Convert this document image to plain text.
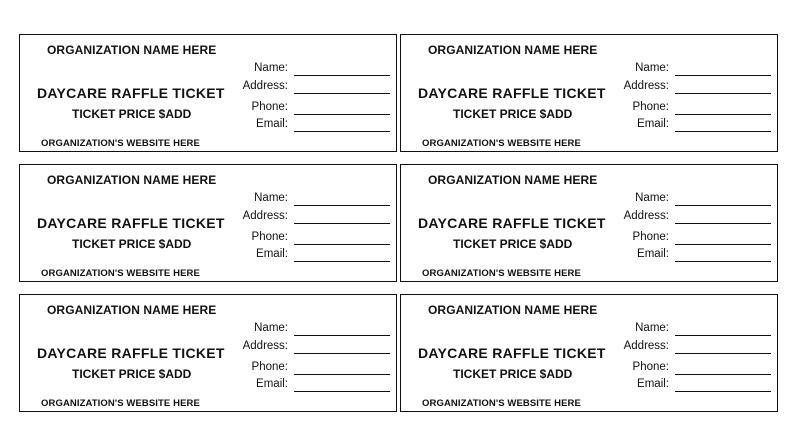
ORGANIZATION NAME HERE
DAYCARE RAFFLE TICKET
TICKET PRICE $ADD
ORGANIZATION'S WEBSITE HERE
Name:
Address:
Phone:
Email:
ORGANIZATION NAME HERE
DAYCARE RAFFLE TICKET
TICKET PRICE $ADD
ORGANIZATION'S WEBSITE HERE
Name:
Address:
Phone:
Email:
ORGANIZATION NAME HERE
DAYCARE RAFFLE TICKET
TICKET PRICE $ADD
ORGANIZATION'S WEBSITE HERE
Name:
Address:
Phone:
Email:
ORGANIZATION NAME HERE
DAYCARE RAFFLE TICKET
TICKET PRICE $ADD
ORGANIZATION'S WEBSITE HERE
Name:
Address:
Phone:
Email:
ORGANIZATION NAME HERE
DAYCARE RAFFLE TICKET
TICKET PRICE $ADD
ORGANIZATION'S WEBSITE HERE
Name:
Address:
Phone:
Email:
ORGANIZATION NAME HERE
DAYCARE RAFFLE TICKET
TICKET PRICE $ADD
ORGANIZATION'S WEBSITE HERE
Name:
Address:
Phone:
Email:
